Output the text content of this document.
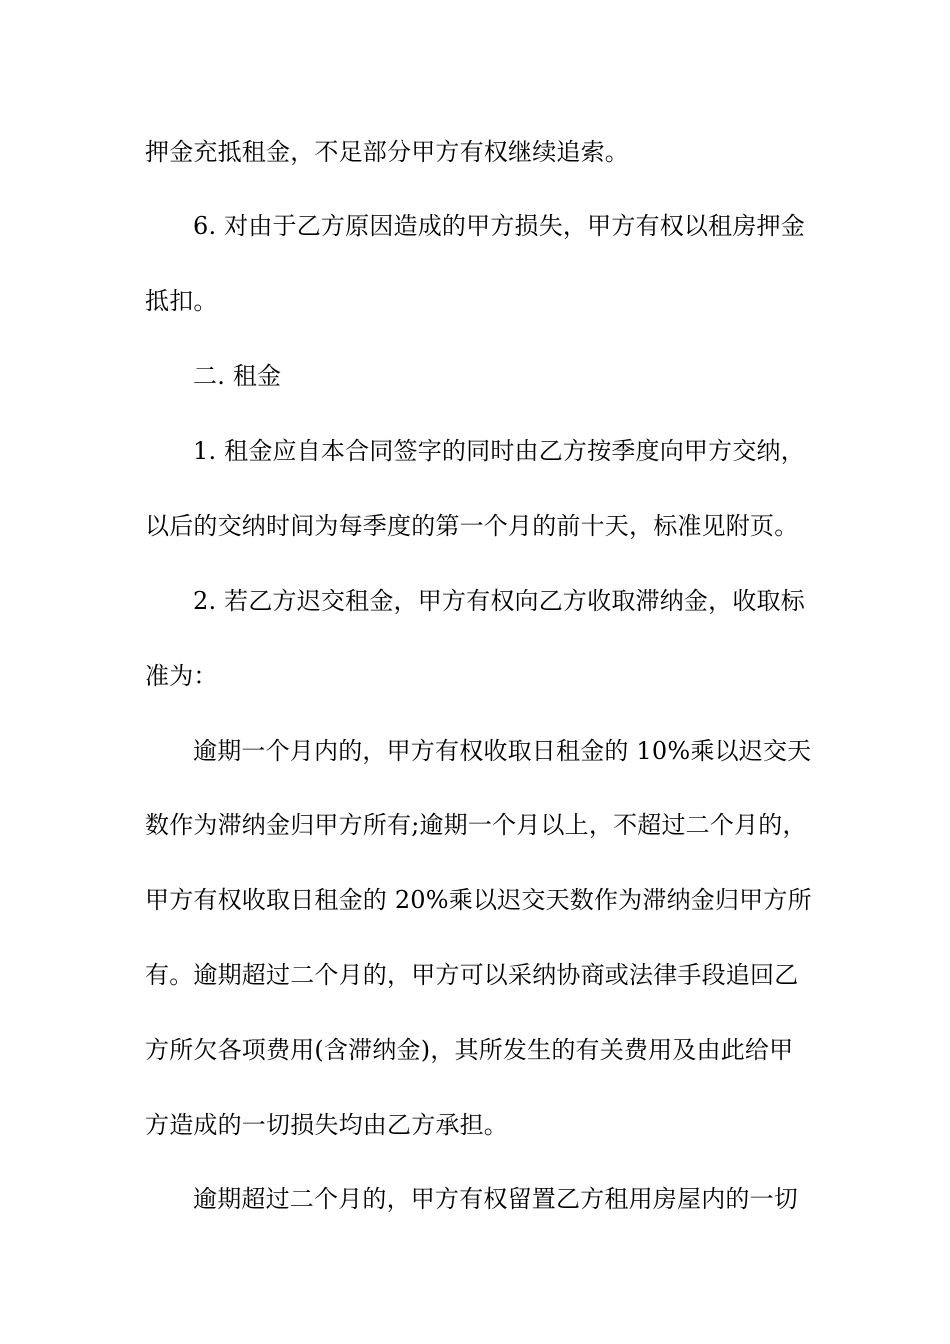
押金充抵租金，不足部分甲方有权继续追索。
6. 对由于乙方原因造成的甲方损失，甲方有权以租房押金
抵扣。
二. 租金
1. 租金应自本合同签字的同时由乙方按季度向甲方交纳，
以后的交纳时间为每季度的第一个月的前十天，标准见附页。
2. 若乙方迟交租金，甲方有权向乙方收取滞纳金，收取标
准为：
逾期一个月内的，甲方有权收取日租金的 10%乘以迟交天
数作为滞纳金归甲方所有;逾期一个月以上，不超过二个月的，
甲方有权收取日租金的 20%乘以迟交天数作为滞纳金归甲方所
有。逾期超过二个月的，甲方可以采纳协商或法律手段追回乙
方所欠各项费用(含滞纳金)，其所发生的有关费用及由此给甲
方造成的一切损失均由乙方承担。
逾期超过二个月的，甲方有权留置乙方租用房屋内的一切
